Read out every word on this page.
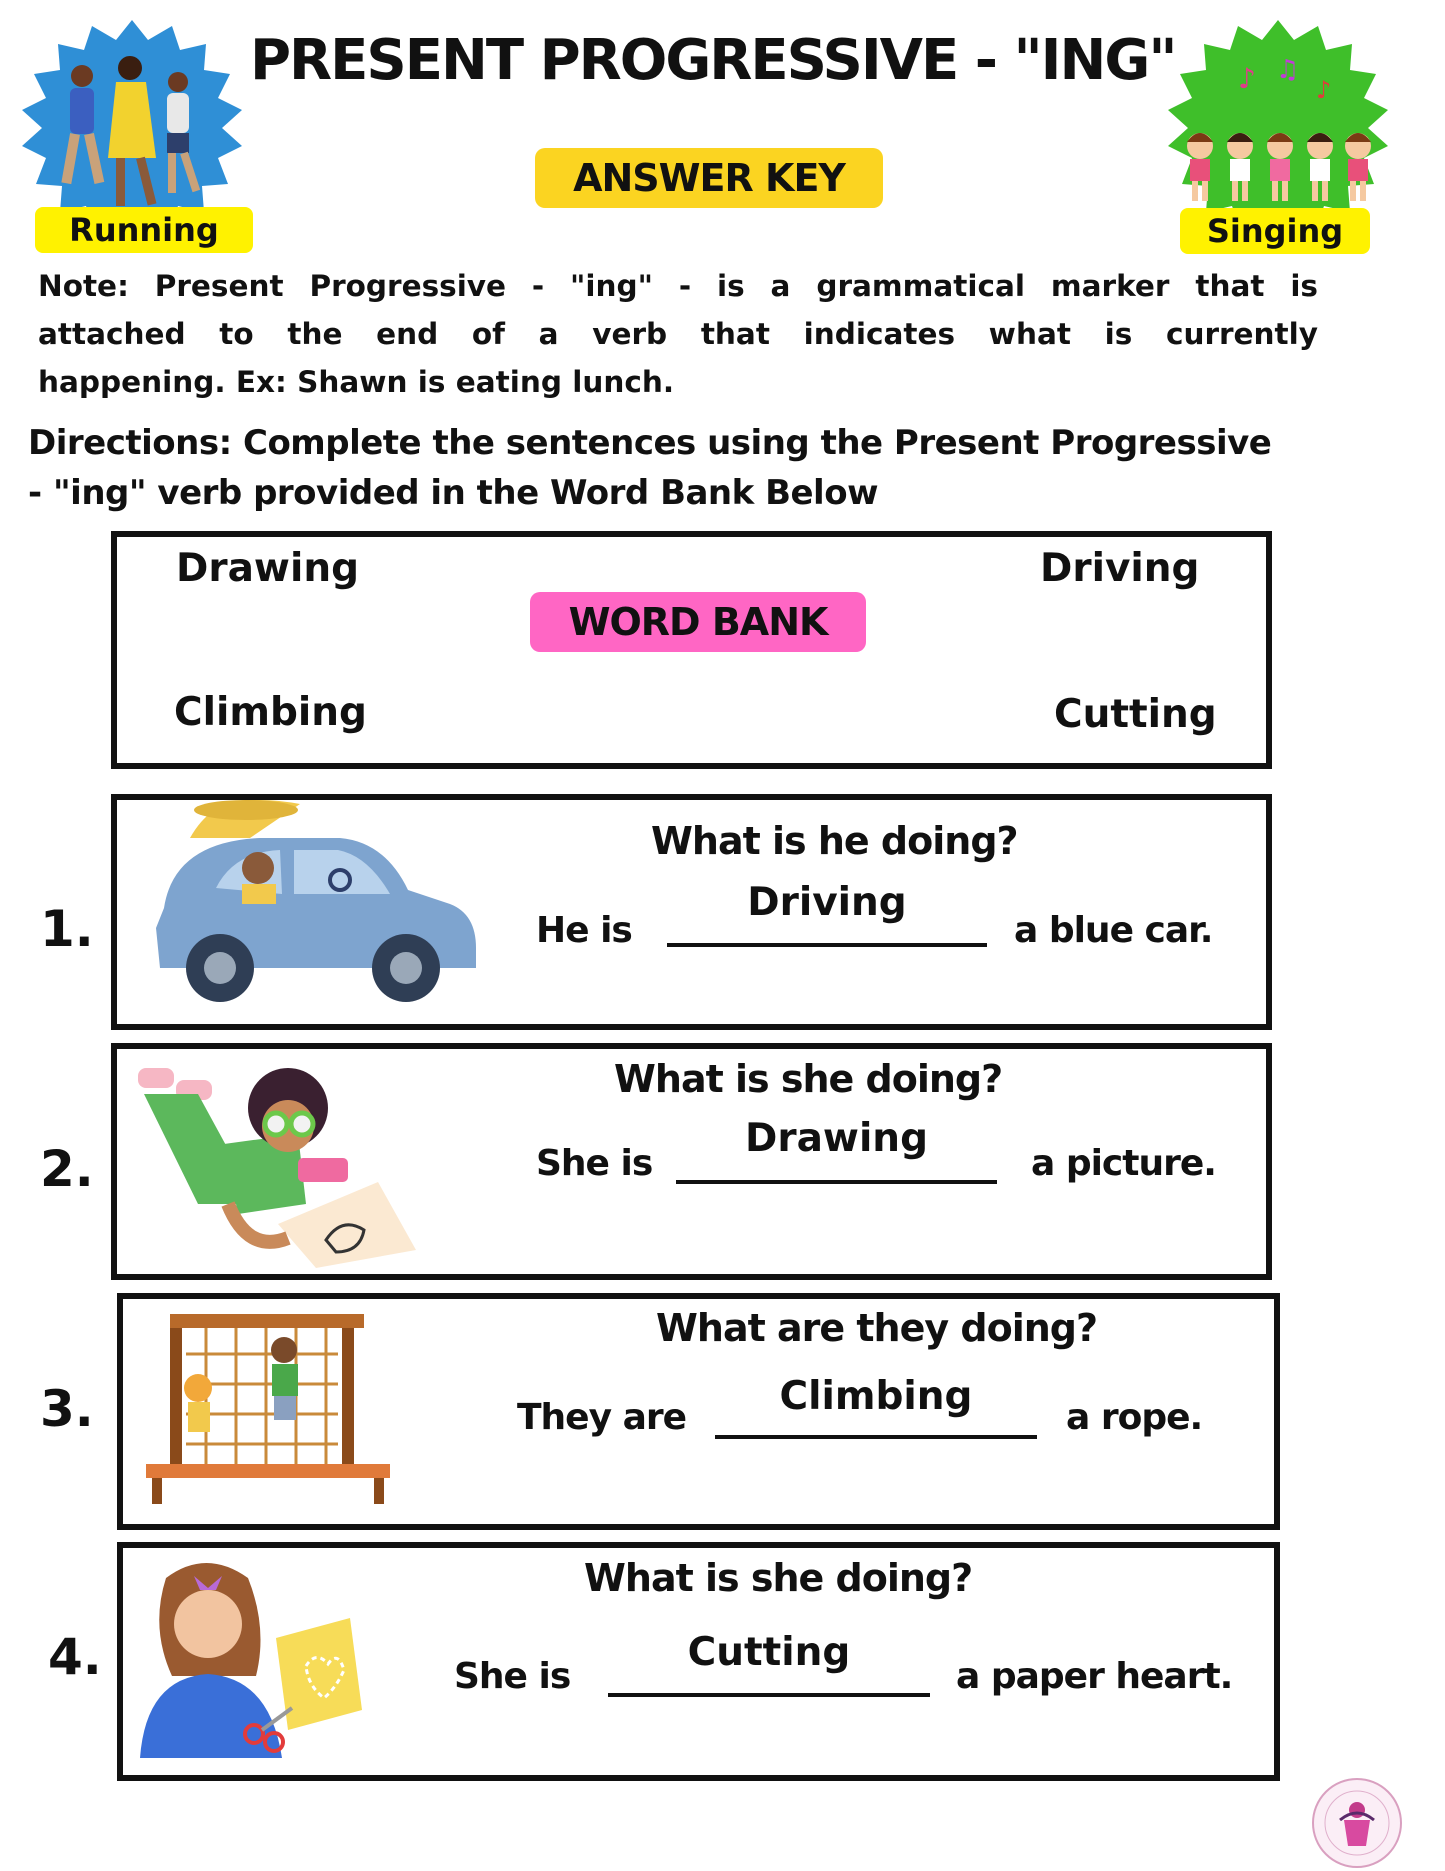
PRESENT PROGRESSIVE - "ING"
ANSWER KEY
Running
♪ ♫
♪
Singing
Note: Present Progressive - "ing" - is a grammatical marker that is
attached to the end of a verb that indicates what is currently
happening. Ex: Shawn is eating lunch.
Directions: Complete the sentences using the Present Progressive
- "ing" verb provided in the Word Bank Below
Drawing	Driving
WORD BANK
Climbing	Cutting
1.
What is he doing?
He is
Driving
a blue car.
2.
What is she doing?
She is
Drawing
a picture.
3.
What are they doing?
They are	Climbing	a rope.
4.
What is she doing?
She is
Cutting
a paper heart.
